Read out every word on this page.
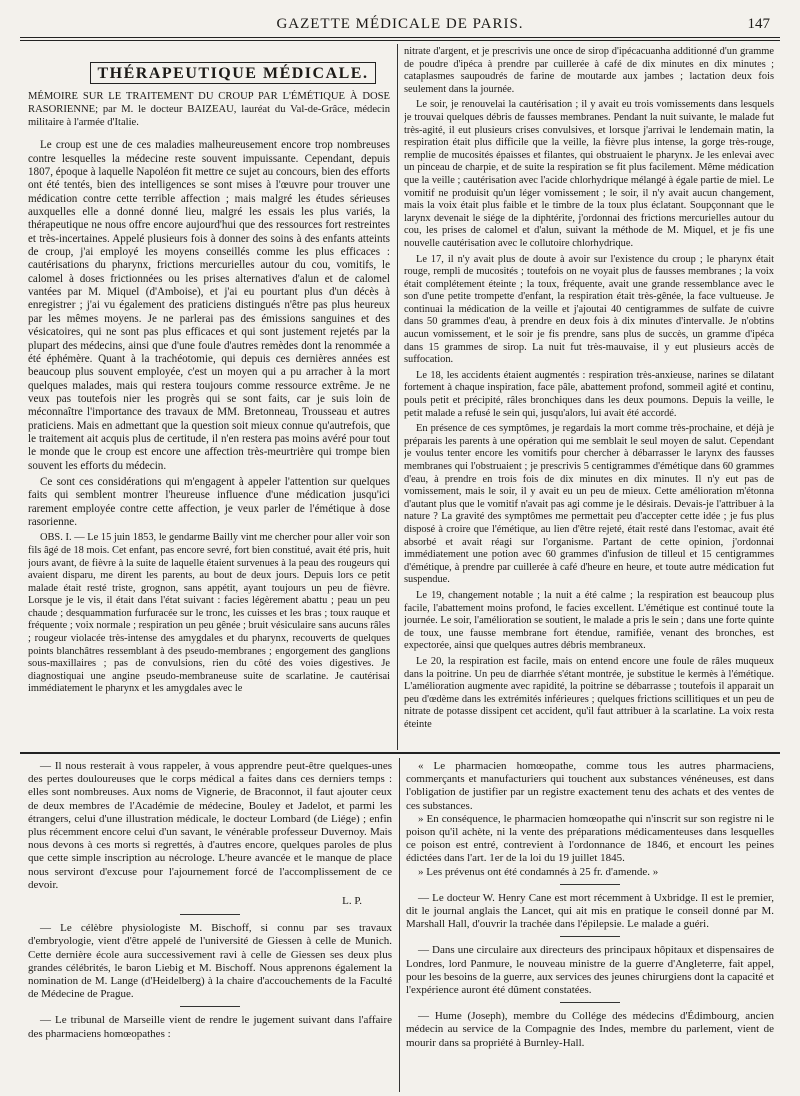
GAZETTE MÉDICALE DE PARIS.	147
THÉRAPEUTIQUE MÉDICALE.
MÉMOIRE SUR LE TRAITEMENT DU CROUP PAR L'ÉMÉTIQUE À DOSE RASORIENNE; par M. le docteur BAIZEAU, lauréat du Val-de-Grâce, médecin militaire à l'armée d'Italie.

Le croup est une de ces maladies malheureusement encore trop nombreuses contre lesquelles la médecine reste souvent impuissante. Cependant, depuis 1807, époque à laquelle Napoléon fit mettre ce sujet au concours, bien des efforts ont été tentés, bien des intelligences se sont mises à l'œuvre pour trouver une médication contre cette terrible affection ; mais malgré les études sérieuses auxquelles elle a donné donné lieu, malgré les essais les plus variés, la thérapeutique ne nous offre encore aujourd'hui que des ressources fort restreintes et très-incertaines. Appelé plusieurs fois à donner des soins à des enfants atteints de croup, j'ai employé les moyens conseillés comme les plus efficaces : cautérisations du pharynx, frictions mercurielles autour du cou, vomitifs, le calomel à doses frictionnées ou les prises alternatives d'alun et de calomel vantées par M. Miquel (d'Amboise), et j'ai eu pourtant plus d'un décès à enregistrer ; j'ai vu également des praticiens distingués n'être pas plus heureux par les mêmes moyens. Je ne parlerai pas des émissions sanguines et des vésicatoires, qui ne sont pas plus efficaces et qui sont justement rejetés par la plupart des médecins, ainsi que d'une foule d'autres remèdes dont la renommée a été éphémère. Quant à la trachéotomie, qui depuis ces dernières années est beaucoup plus souvent employée, c'est un moyen qui a pu arracher à la mort quelques malades, mais qui restera toujours comme ressource extrême. Je ne veux pas toutefois nier les progrès qui se sont faits, car je suis loin de méconnaître l'importance des travaux de MM. Bretonneau, Trousseau et autres praticiens. Mais en admettant que la question soit mieux connue qu'autrefois, que le traitement ait acquis plus de certitude, il n'en restera pas moins avéré pour tout le monde que le croup est encore une affection très-meurtrière qui trompe bien souvent les efforts du médecin.

Ce sont ces considérations qui m'engagent à appeler l'attention sur quelques faits qui semblent montrer l'heureuse influence d'une médication jusqu'ici rarement employée contre cette affection, je veux parler de l'émétique à dose rasorienne.

OBS. I. — Le 15 juin 1853, le gendarme Bailly vint me chercher pour aller voir son fils âgé de 18 mois. Cet enfant, pas encore sevré, fort bien constitué, avait été pris, huit jours avant, de fièvre à la suite de laquelle étaient survenues à la peau des rougeurs qui avaient disparu, me dirent les parents, au bout de deux jours. Depuis lors ce petit malade était resté triste, grognon, sans appétit, ayant toujours un peu de fièvre. Lorsque je le vis, il était dans l'état suivant : facies légèrement abattu ; peau un peu chaude ; desquammation furfuracée sur le tronc, les cuisses et les bras ; toux rauque et fréquente ; voix normale ; respiration un peu gênée ; bruit vésiculaire sans aucuns râles ; rougeur violacée très-intense des amygdales et du pharynx, recouverts de quelques points blanchâtres ressemblant à des pseudo-membranes ; engorgement des ganglions sous-maxillaires ; pas de convulsions, rien du côté des voies digestives. Je diagnostiquai une angine pseudo-membraneuse suite de scarlatine. Je cautérisai immédiatement le pharynx et les amygdales avec le

nitrate d'argent, et je prescrivis une once de sirop d'ipécacuanha additionné d'un gramme de poudre d'ipéca à prendre par cuillerée à café de dix minutes en dix minutes ; cataplasmes saupoudrés de farine de moutarde aux jambes ; lactation deux fois seulement dans la journée.

Le soir, je renouvelai la cautérisation ; il y avait eu trois vomissements dans lesquels je trouvai quelques débris de fausses membranes. Pendant la nuit suivante, le malade fut très-agité, il eut plusieurs crises convulsives, et lorsque j'arrivai le lendemain matin, la respiration était plus difficile que la veille, la fièvre plus intense, la gorge très-rouge, remplie de mucosités épaisses et filantes, qui obstruaient le pharynx. Je les enlevai avec un pinceau de charpie, et de suite la respiration se fit plus facilement. Même médication que la veille ; cautérisation avec l'acide chlorhydrique mélangé à égale partie de miel. Le vomitif ne produisit qu'un léger vomissement ; le soir, il n'y avait aucun changement, mais la voix était plus faible et le timbre de la toux plus éclatant. Soupçonnant que le larynx devenait le siége de la diphtérite, j'ordonnai des frictions mercurielles autour du cou, les prises de calomel et d'alun, suivant la méthode de M. Miquel, et je fis une nouvelle cautérisation avec le collutoire chlorhydrique.

Le 17, il n'y avait plus de doute à avoir sur l'existence du croup ; le pharynx était rouge, rempli de mucosités ; toutefois on ne voyait plus de fausses membranes ; la voix était complétement éteinte ; la toux, fréquente, avait une grande ressemblance avec le son d'une petite trompette d'enfant, la respiration était très-gênée, la face vultueuse. Je continuai la médication de la veille et j'ajoutai 40 centigrammes de sulfate de cuivre dans 50 grammes d'eau, à prendre en deux fois à dix minutes d'intervalle. Je n'obtins aucun vomissement, et le soir je fis prendre, sans plus de succès, un gramme d'ipéca dans 15 grammes de sirop. La nuit fut très-mauvaise, il y eut plusieurs accès de suffocation.

Le 18, les accidents étaient augmentés : respiration très-anxieuse, narines se dilatant fortement à chaque inspiration, face pâle, abattement profond, sommeil agité et continu, pouls petit et précipité, râles bronchiques dans les deux poumons. Depuis la veille, le petit malade a refusé le sein qui, jusqu'alors, lui avait été accordé.

En présence de ces symptômes, je regardais la mort comme très-prochaine, et déjà je préparais les parents à une opération qui me semblait le seul moyen de salut. Cependant je voulus tenter encore les vomitifs pour chercher à débarrasser le larynx des fausses membranes qui l'obstruaient ; je prescrivis 5 centigrammes d'émétique dans 60 grammes d'eau, à prendre en trois fois de dix minutes en dix minutes. Il n'y eut pas de vomissement, mais le soir, il y avait eu un peu de mieux. Cette amélioration m'étonna d'autant plus que le vomitif n'avait pas agi comme je le désirais. Devais-je l'attribuer à la nature ? La gravité des symptômes me permettait peu d'accepter cette idée ; je fus plus disposé à croire que l'émétique, au lien d'être rejeté, était resté dans l'estomac, avait été absorbé et avait réagi sur l'organisme. Partant de cette opinion, j'ordonnai immédiatement une potion avec 60 grammes d'infusion de tilleul et 15 centigrammes d'émétique, à prendre par cuillerée à café d'heure en heure, et toute autre médication fut suspendue.

Le 19, changement notable ; la nuit a été calme ; la respiration est beaucoup plus facile, l'abattement moins profond, le facies excellent. L'émétique est continué toute la journée. Le soir, l'amélioration se soutient, le malade a pris le sein ; dans une forte quinte de toux, une fausse membrane fort étendue, ramifiée, venant des bronches, est expectorée, ainsi que quelques autres débris membraneux.

Le 20, la respiration est facile, mais on entend encore une foule de râles muqueux dans la poitrine. Un peu de diarrhée s'étant montrée, je substitue le kermès à l'émétique. L'amélioration augmente avec rapidité, la poitrine se débarrasse ; toutefois il apparait un peu d'œdème dans les extrémités inférieures ; quelques frictions scillitiques et un peu de nitrate de potasse dissipent cet accident, qu'il faut attribuer à la scarlatine. La voix resta éteinte

— Il nous resterait à vous rappeler, à vous apprendre peut-être quelques-unes des pertes douloureuses que le corps médical a faites dans ces derniers temps : elles sont nombreuses. Aux noms de Vignerie, de Braconnot, il faut ajouter ceux de deux membres de l'Académie de médecine, Bouley et Jadelot, et parmi les étrangers, celui d'une illustration médicale, le docteur Lombard (de Liége) ; enfin plus récemment encore celui d'un savant, le vénérable professeur Duvernoy. Mais nous devons à ces morts si regrettés, à d'autres encore, quelques paroles de plus que cette simple inscription au nécrologe. L'heure avancée et le manque de place nous serviront d'excuse pour l'ajournement forcé de l'accomplissement de ce devoir.

L. P.

— Le célèbre physiologiste M. Bischoff, si connu par ses travaux d'embryologie, vient d'être appelé de l'université de Giessen à celle de Munich. Cette dernière école aura successivement ravi à celle de Giessen ses deux plus grandes célébrités, le baron Liebig et M. Bischoff. Nous apprenons également la nomination de M. Lange (d'Heidelberg) à la chaire d'accouchements de la Faculté de Médecine de Prague.

— Le tribunal de Marseille vient de rendre le jugement suivant dans l'affaire des pharmaciens homœopathes :

« Le pharmacien homœopathe, comme tous les autres pharmaciens, commerçants et manufacturiers qui touchent aux substances vénéneuses, est dans l'obligation de justifier par un registre exactement tenu des achats et des ventes de ces substances.

» En conséquence, le pharmacien homœopathe qui n'inscrit sur son registre ni le poison qu'il achète, ni la vente des préparations médicamenteuses dans lesquelles ce poison est entré, contrevient à l'ordonnance de 1846, et encourt les peines édictées dans l'art. 1er de la loi du 19 juillet 1845.

» Les prévenus ont été condamnés à 25 fr. d'amende. »

— Le docteur W. Henry Cane est mort récemment à Uxbridge. Il est le premier, dit le journal anglais the Lancet, qui ait mis en pratique le conseil donné par M. Marshall Hall, d'ouvrir la trachée dans l'épilepsie. Le malade a guéri.

— Dans une circulaire aux directeurs des principaux hôpitaux et dispensaires de Londres, lord Panmure, le nouveau ministre de la guerre d'Angleterre, fait appel, pour les besoins de la guerre, aux services des jeunes chirurgiens dont la capacité et l'expérience auront été dûment constatées.

— Hume (Joseph), membre du Collége des médecins d'Édimbourg, ancien médecin au service de la Compagnie des Indes, membre du parlement, vient de mourir dans sa propriété à Burnley-Hall.
